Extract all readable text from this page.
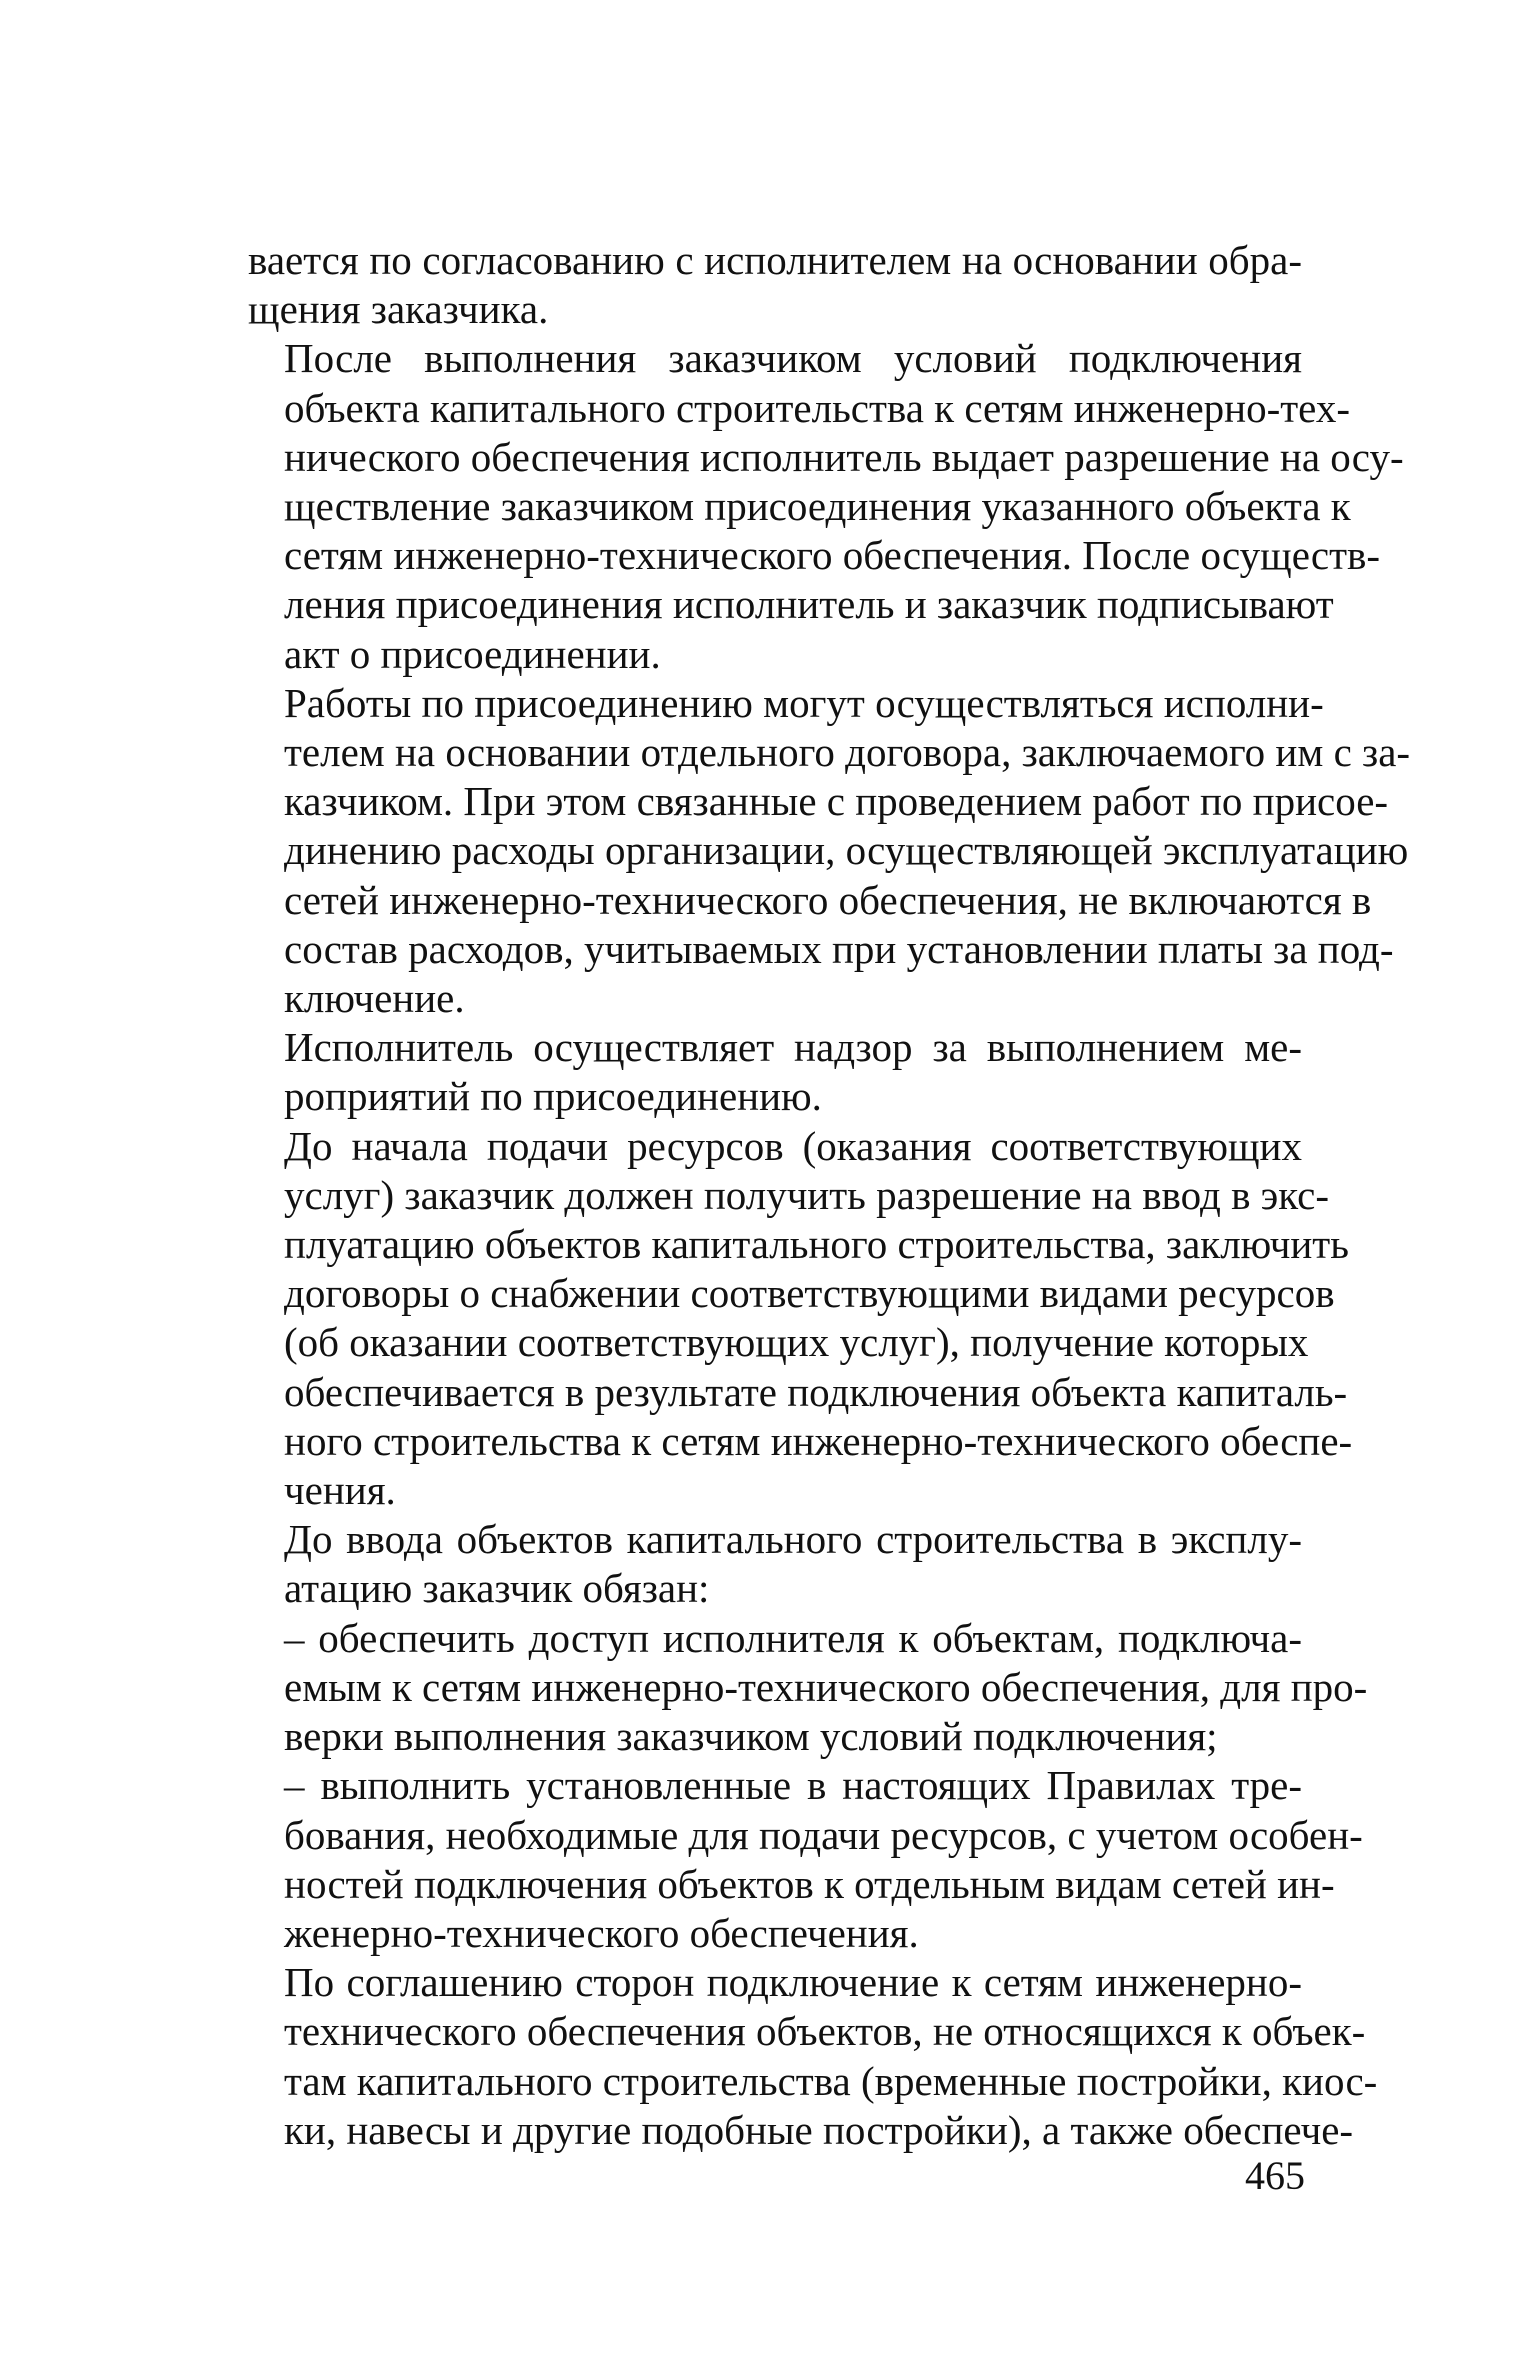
вается по согласованию с исполнителем на основании обра-
щения заказчика.
После выполнения заказчиком условий подключения
объекта капитального строительства к сетям инженерно-тех-
нического обеспечения исполнитель выдает разрешение на осу-
ществление заказчиком присоединения указанного объекта к
сетям инженерно-технического обеспечения. После осуществ-
ления присоединения исполнитель и заказчик подписывают
акт о присоединении.
Работы по присоединению могут осуществляться исполни-
телем на основании отдельного договора, заключаемого им с за-
казчиком. При этом связанные с проведением работ по присое-
динению расходы организации, осуществляющей эксплуатацию
сетей инженерно-технического обеспечения, не включаются в
состав расходов, учитываемых при установлении платы за под-
ключение.
Исполнитель осуществляет надзор за выполнением ме-
роприятий по присоединению.
До начала подачи ресурсов (оказания соответствующих
услуг) заказчик должен получить разрешение на ввод в экс-
плуатацию объектов капитального строительства, заключить
договоры о снабжении соответствующими видами ресурсов
(об оказании соответствующих услуг), получение которых
обеспечивается в результате подключения объекта капиталь-
ного строительства к сетям инженерно-технического обеспе-
чения.
До ввода объектов капитального строительства в эксплу-
атацию заказчик обязан:
– обеспечить доступ исполнителя к объектам, подключа-
емым к сетям инженерно-технического обеспечения, для про-
верки выполнения заказчиком условий подключения;
– выполнить установленные в настоящих Правилах тре-
бования, необходимые для подачи ресурсов, с учетом особен-
ностей подключения объектов к отдельным видам сетей ин-
женерно-технического обеспечения.
По соглашению сторон подключение к сетям инженерно-
технического обеспечения объектов, не относящихся к объек-
там капитального строительства (временные постройки, киос-
ки, навесы и другие подобные постройки), а также обеспече-
465
